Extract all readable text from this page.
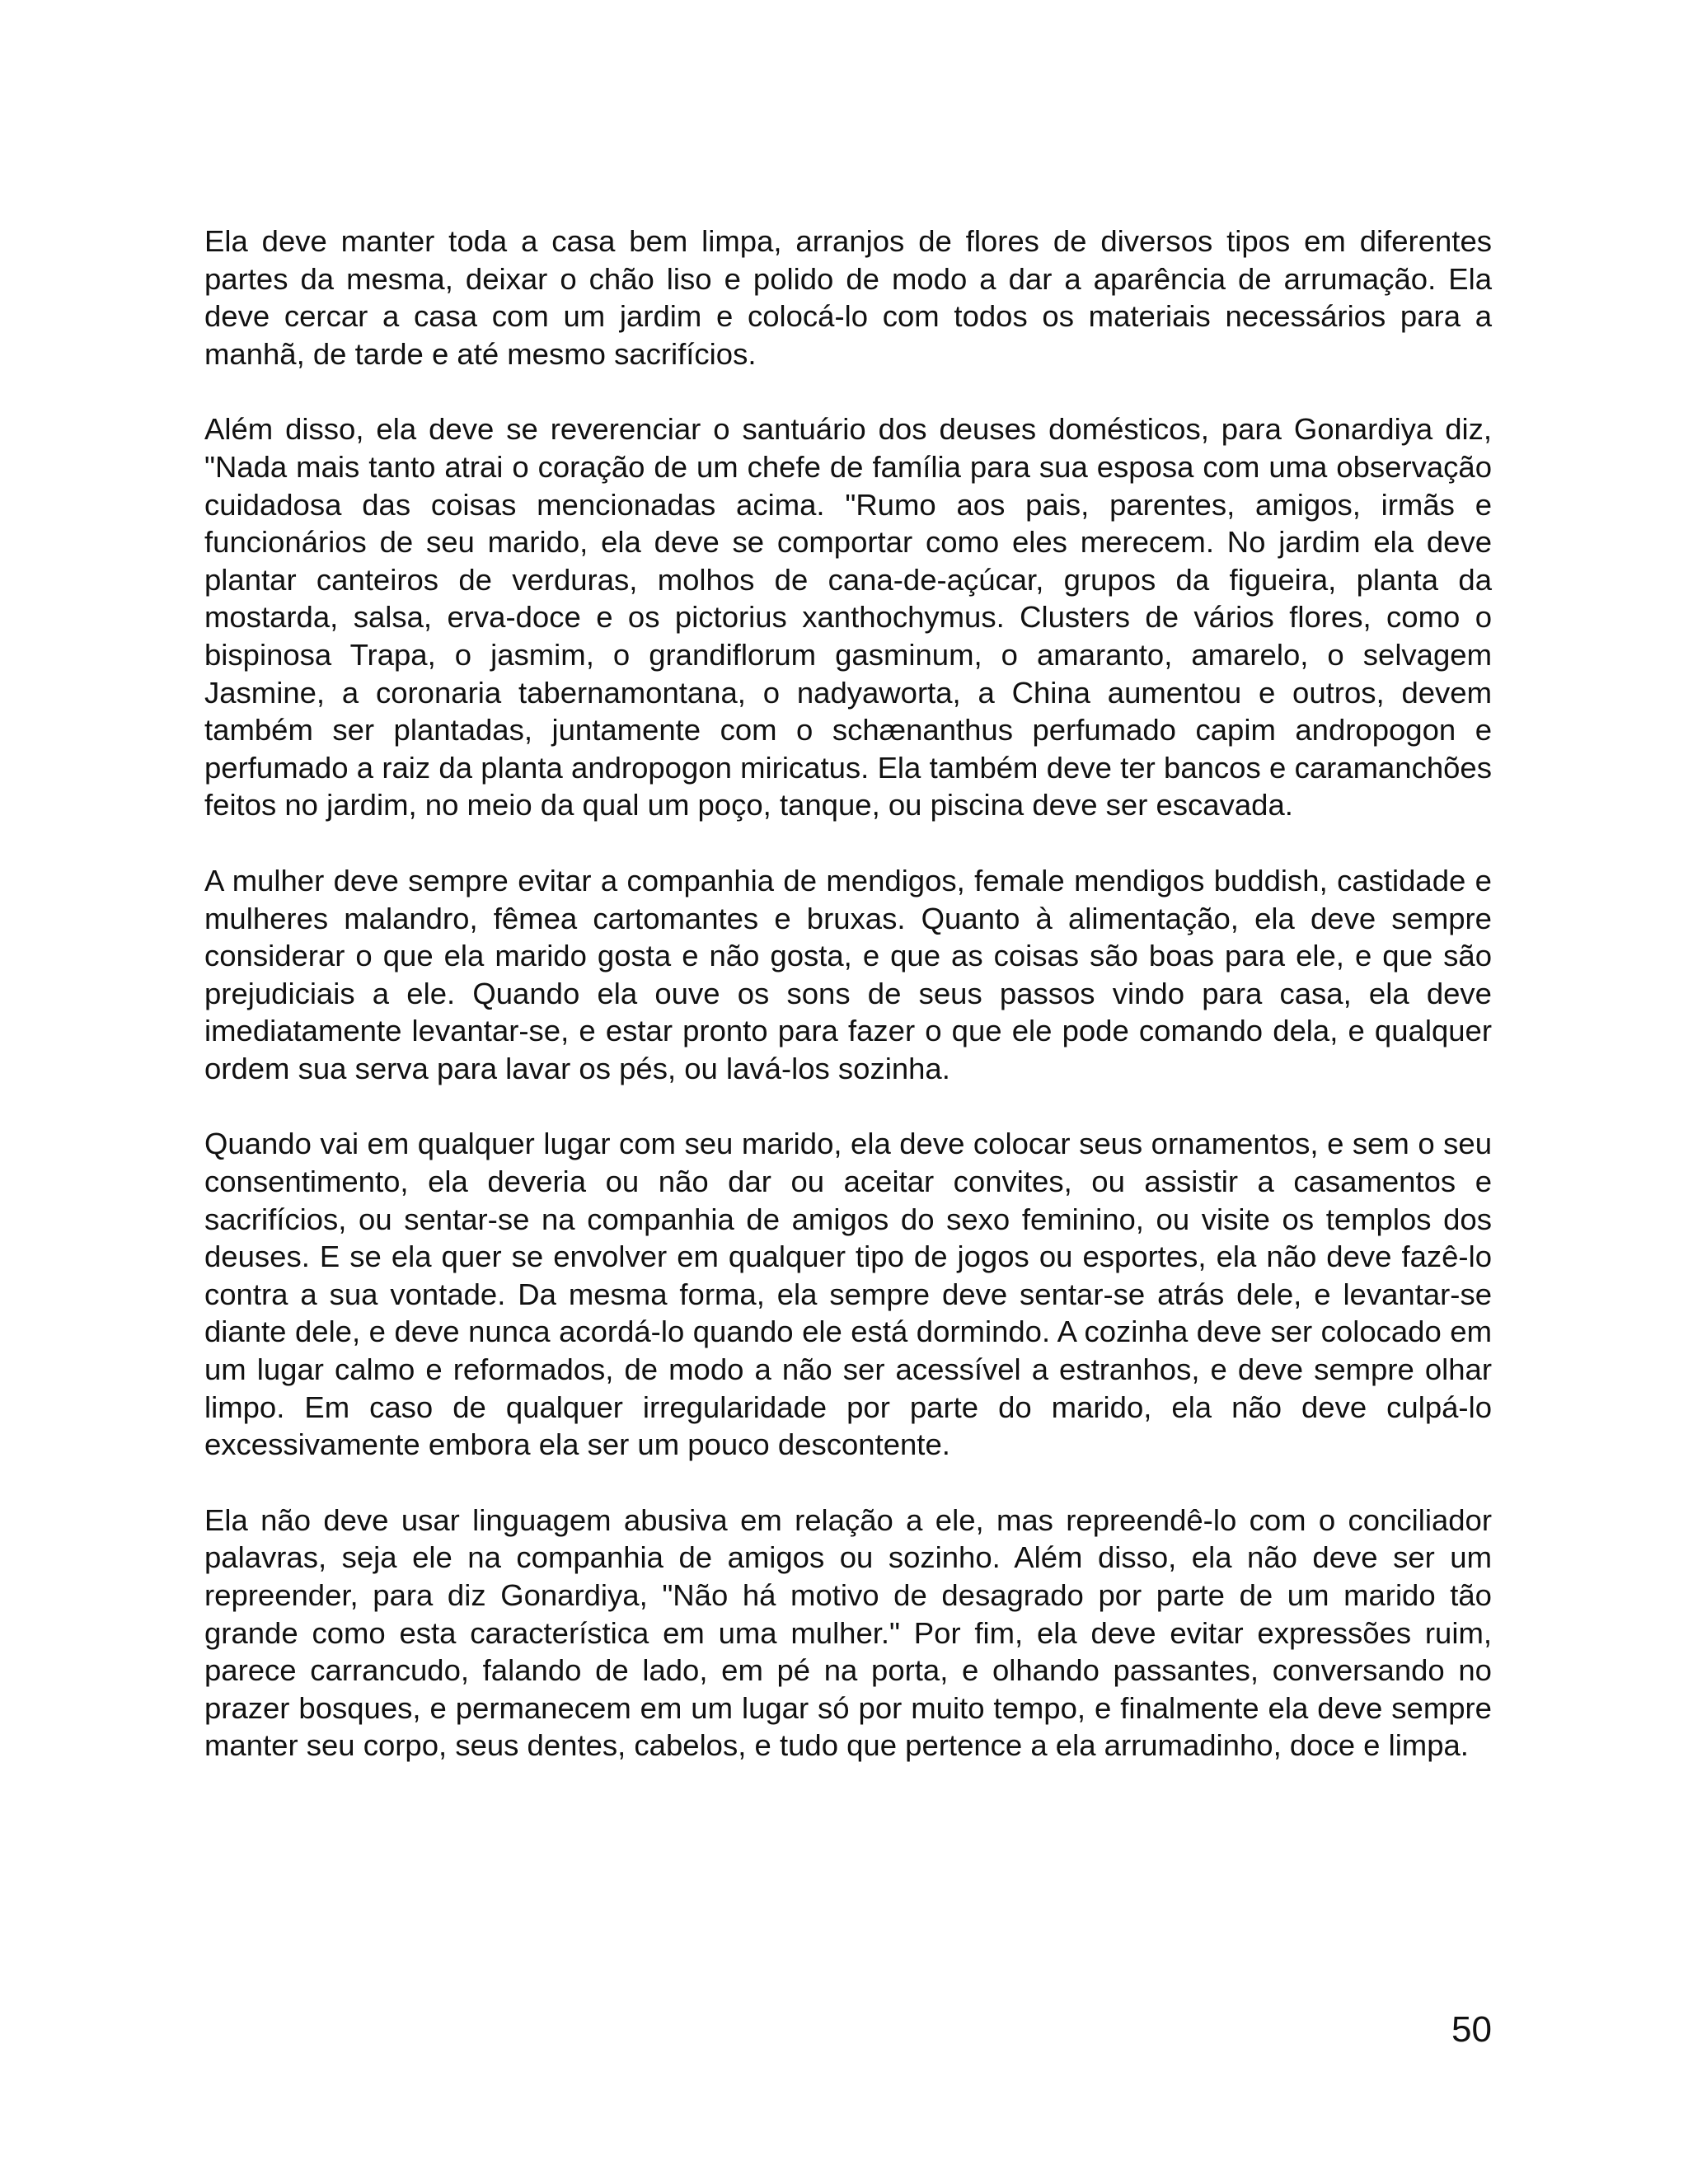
Ela deve manter toda a casa bem limpa, arranjos de flores de diversos tipos em diferentes partes da mesma, deixar o chão liso e polido de modo a dar a aparência de arrumação. Ela deve cercar a casa com um jardim e colocá-lo com todos os materiais necessários para a manhã, de tarde e até mesmo sacrifícios.

Além disso, ela deve se reverenciar o santuário dos deuses domésticos, para Gonardiya diz, "Nada mais tanto atrai o coração de um chefe de família para sua esposa com uma observação cuidadosa das coisas mencionadas acima. "Rumo aos pais, parentes, amigos, irmãs e funcionários de seu marido, ela deve se comportar como eles merecem. No jardim ela deve plantar canteiros de verduras, molhos de cana-de-açúcar, grupos da figueira, planta da mostarda, salsa, erva-doce e os pictorius xanthochymus. Clusters de vários flores, como o bispinosa Trapa, o jasmim, o grandiflorum gasminum, o amaranto, amarelo, o selvagem Jasmine, a coronaria tabernamontana, o nadyaworta, a China aumentou e outros, devem também ser plantadas, juntamente com o schænanthus perfumado capim andropogon e perfumado a raiz da planta andropogon miricatus. Ela também deve ter bancos e caramanchões feitos no jardim, no meio da qual um poço, tanque, ou piscina deve ser escavada.

A mulher deve sempre evitar a companhia de mendigos, female mendigos buddish, castidade e mulheres malandro, fêmea cartomantes e bruxas. Quanto à alimentação, ela deve sempre considerar o que ela marido gosta e não gosta, e que as coisas são boas para ele, e que são prejudiciais a ele. Quando ela ouve os sons de seus passos vindo para casa, ela deve imediatamente levantar-se, e estar pronto para fazer o que ele pode comando dela, e qualquer ordem sua serva para lavar os pés, ou lavá-los sozinha.

Quando vai em qualquer lugar com seu marido, ela deve colocar seus ornamentos, e sem o seu consentimento, ela deveria ou não dar ou aceitar convites, ou assistir a casamentos e sacrifícios, ou sentar-se na companhia de amigos do sexo feminino, ou visite os templos dos deuses. E se ela quer se envolver em qualquer tipo de jogos ou esportes, ela não deve fazê-lo contra a sua vontade. Da mesma forma, ela sempre deve sentar-se atrás dele, e levantar-se diante dele, e deve nunca acordá-lo quando ele está dormindo. A cozinha deve ser colocado em um lugar calmo e reformados, de modo a não ser acessível a estranhos, e deve sempre olhar limpo. Em caso de qualquer irregularidade por parte do marido, ela não deve culpá-lo excessivamente embora ela ser um pouco descontente.

Ela não deve usar linguagem abusiva em relação a ele, mas repreendê-lo com o conciliador palavras, seja ele na companhia de amigos ou sozinho. Além disso, ela não deve ser um repreender, para diz Gonardiya, "Não há motivo de desagrado por parte de um marido tão grande como esta característica em uma mulher." Por fim, ela deve evitar expressões ruim, parece carrancudo, falando de lado, em pé na porta, e olhando passantes, conversando no prazer bosques, e permanecem em um lugar só por muito tempo, e finalmente ela deve sempre manter seu corpo, seus dentes, cabelos, e tudo que pertence a ela arrumadinho, doce e limpa.

50
